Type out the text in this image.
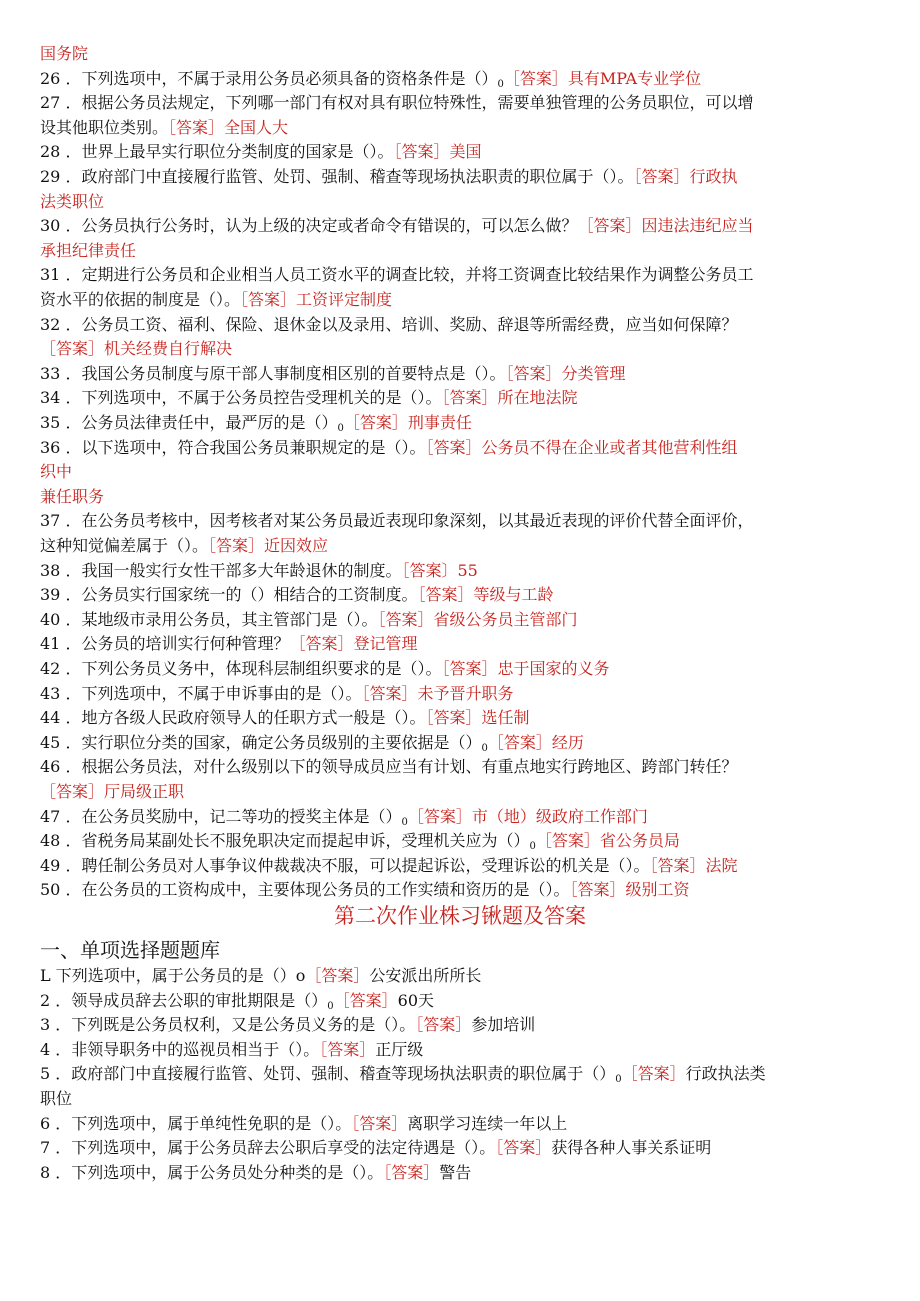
国务院
26 ．下列选项中，不属于录用公务员必须具备的资格条件是$()_0[$答案］具有MPA专业学位
27 ．根据公务员法规定，下列哪一部门有权对具有职位特殊性，需要单独管理的公务员职位，可以增
设其他职位类别。［答案］全国人大
28 ．世界上最早实行职位分类制度的国家是（）。［答案］美国
29 ．政府部门中直接履行监管、处罚、强制、稽查等现场执法职责的职位属于（）。［答案］行政执
法类职位
30 ．公务员执行公务时，认为上级的决定或者命令有错误的，可以怎么做？［答案］因违法违纪应当
承担纪律责任
31 ．定期进行公务员和企业相当人员工资水平的调查比较，并将工资调查比较结果作为调整公务员工
资水平的依据的制度是（）。［答案］工资评定制度
32 ．公务员工资、福利、保险、退休金以及录用、培训、奖励、辞退等所需经费，应当如何保障？
［答案］机关经费自行解决
33 ．我国公务员制度与原干部人事制度相区别的首要特点是（）。［答案］分类管理
34 ．下列选项中，不属于公务员控告受理机关的是（）。［答案］所在地法院
35 ．公务员法律责任中，最严厉的是$()_0[$答案］刑事责任
36 ．以下选项中，符合我国公务员兼职规定的是（）。［答案］公务员不得在企业或者其他营利性组
织中
兼任职务
37 ．在公务员考核中，因考核者对某公务员最近表现印象深刻，以其最近表现的评价代替全面评价，
这种知觉偏差属于（）。［答案］近因效应
38 ．我国一般实行女性干部多大年龄退休的制度。［答案〕55
39 ．公务员实行国家统一的（）相结合的工资制度。［答案］等级与工龄
40 ．某地级市录用公务员，其主管部门是（）。［答案］省级公务员主管部门
41 ．公务员的培训实行何种管理？［答案］登记管理
42 ．下列公务员义务中，体现科层制组织要求的是（）。［答案］忠于国家的义务
43 ．下列选项中，不属于申诉事由的是（）。［答案］未予晋升职务
44 ．地方各级人民政府领导人的任职方式一般是（）。［答案］选任制
45 ．实行职位分类的国家，确定公务员级别的主要依据是$()_0[$答案］经历
46 ．根据公务员法，对什么级别以下的领导成员应当有计划、有重点地实行跨地区、跨部门转任？
［答案］厅局级正职
47 ．在公务员奖励中，记二等功的授奖主体是$()_0[$答案］市（地）级政府工作部门
48 ．省税务局某副处长不服免职决定而提起申诉，受理机关应为$()_0[$答案］省公务员局
49 ．聘任制公务员对人事争议仲裁裁决不服，可以提起诉讼，受理诉讼的机关是（）。［答案］法院
50 ．在公务员的工资构成中，主要体现公务员的工作实绩和资历的是（）。［答案］级别工资
第二次作业株习锹题及答案
一、单项选择题题库
L 下列选项中，属于公务员的是（）o［答案］公安派出所所长
2 ．领导成员辞去公职的审批期限是$()_0[$答案］60天
3 ．下列既是公务员权利，又是公务员义务的是（）。［答案］参加培训
4 ．非领导职务中的巡视员相当于（）。［答案］正厅级
5 ．政府部门中直接履行监管、处罚、强制、稽查等现场执法职责的职位属于$()_0[$答案］行政执法类
职位
6 ．下列选项中，属于单纯性免职的是（）。［答案］离职学习连续一年以上
7 ．下列选项中，属于公务员辞去公职后享受的法定待遇是（）。［答案］获得各种人事关系证明
8 ．下列选项中，属于公务员处分种类的是（）。［答案］警告
